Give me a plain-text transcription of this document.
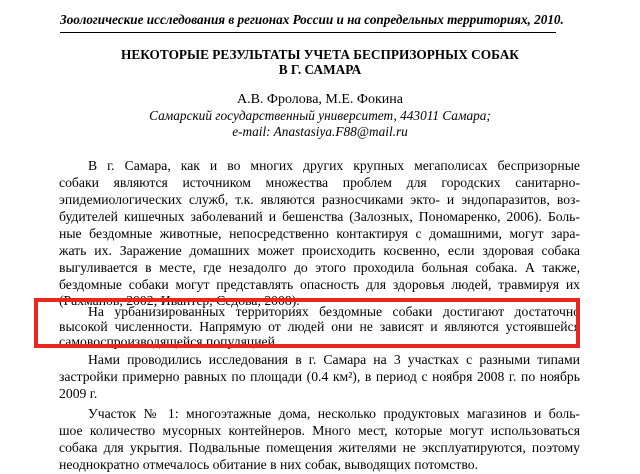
Зоологические исследования в регионах России и на сопредельных территориях, 2010.
НЕКОТОРЫЕ РЕЗУЛЬТАТЫ УЧЕТА БЕСПРИЗОРНЫХ СОБАК
В Г. САМАРА
А.В. Фролова, М.Е. Фокина
Самарский государственный университет, 443011 Самара;
e-mail: Anastasiya.F88@mail.ru
В г. Самара, как и во многих других крупных мегаполисах беспризорные
собаки являются источником множества проблем для городских санитарно-
эпидемиологических служб, т.к. являются разносчиками экто- и эндопаразитов, воз-
будителей кишечных заболеваний и бешенства (Залозных, Пономаренко, 2006). Боль-
ные бездомные животные, непосредственно контактируя с домашними, могут зара-
жать их. Заражение домашних может происходить косвенно, если здоровая собака
выгуливается в месте, где незадолго до этого проходила больная собака. А также,
бездомные собаки могут представлять опасность для здоровья людей, травмируя их
(Рахманов, 2002; Ивантер, Седова, 2008).
На урбанизированных территориях бездомные собаки достигают достаточно
высокой численности. Напрямую от людей они не зависят и являются устоявшейся
самовоспроизводящейся популяцией.
Нами проводились исследования в г. Самара на 3 участках с разными типами
застройки примерно равных по площади (0.4 км²), в период с ноября 2008 г. по ноябрь
2009 г.
Участок № 1: многоэтажные дома, несколько продуктовых магазинов и боль-
шое количество мусорных контейнеров. Много мест, которые могут использоваться
собака для укрытия. Подвальные помещения жителями не эксплуатируются, поэтому
неоднократно отмечалось обитание в них собак, выводящих потомство.
